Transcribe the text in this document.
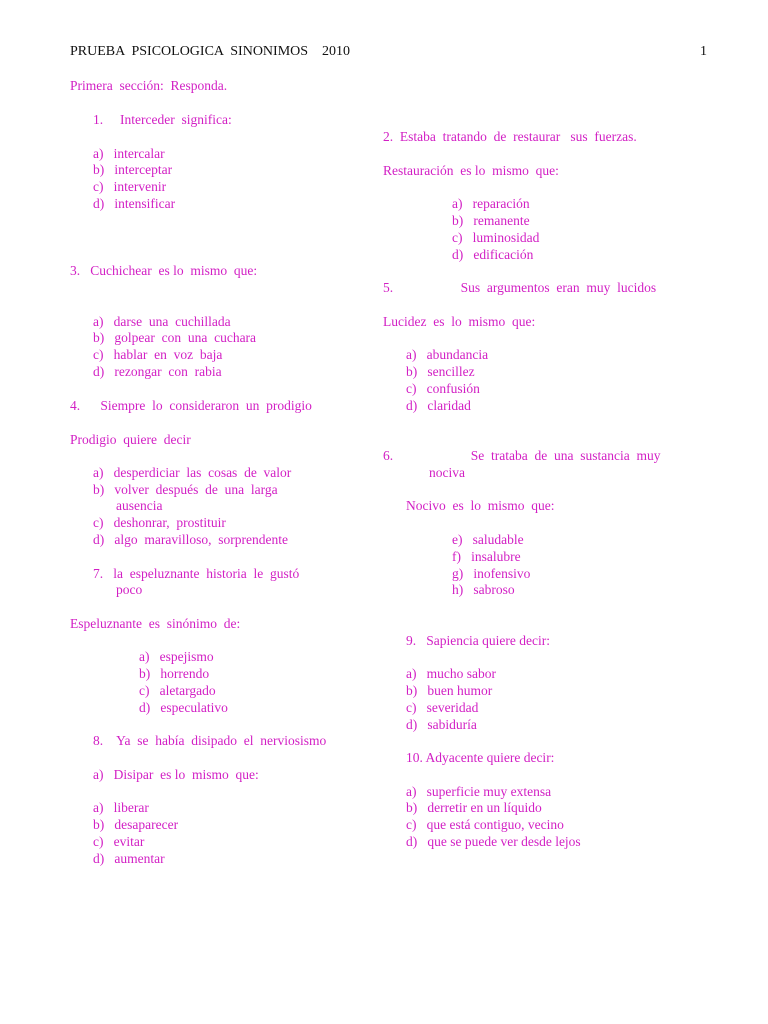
PRUEBA  PSICOLOGICA  SINONIMOS    2010	1
Primera  sección:  Responda.
1.     Interceder  significa:
a)   intercalar
b)   interceptar
c)   intervenir
d)   intensificar
3.   Cuchichear  es lo  mismo  que:
a)   darse  una  cuchillada
b)   golpear  con  una  cuchara
c)   hablar  en  voz  baja
d)   rezongar  con  rabia
4.      Siempre  lo  consideraron  un  prodigio
Prodigio  quiere  decir
a)   desperdiciar  las  cosas  de  valor
b)   volver  después  de  una  larga
ausencia
c)   deshonrar,  prostituir
d)   algo  maravilloso,  sorprendente
7.   la  espeluznante  historia  le  gustó
poco
Espeluznante  es  sinónimo  de:
a)   espejismo
b)   horrendo
c)   aletargado
d)   especulativo
8.    Ya  se  había  disipado  el  nerviosismo
a)   Disipar  es lo  mismo  que:
a)   liberar
b)   desaparecer
c)   evitar
d)   aumentar
2.  Estaba  tratando  de  restaurar   sus  fuerzas.
Restauración  es lo  mismo  que:
a)   reparación
b)   remanente
c)   luminosidad
d)   edificación
5.                    Sus  argumentos  eran  muy  lucidos
Lucidez  es  lo  mismo  que:
a)   abundancia
b)   sencillez
c)   confusión
d)   claridad
6.                       Se  trataba  de  una  sustancia  muy
nociva
Nocivo  es  lo  mismo  que:
e)   saludable
f)   insalubre
g)   inofensivo
h)   sabroso
9.   Sapiencia quiere decir:
a)   mucho sabor
b)   buen humor
c)   severidad
d)   sabiduría
10. Adyacente quiere decir:
a)   superficie muy extensa
b)   derretir en un líquido
c)   que está contiguo, vecino
d)   que se puede ver desde lejos
